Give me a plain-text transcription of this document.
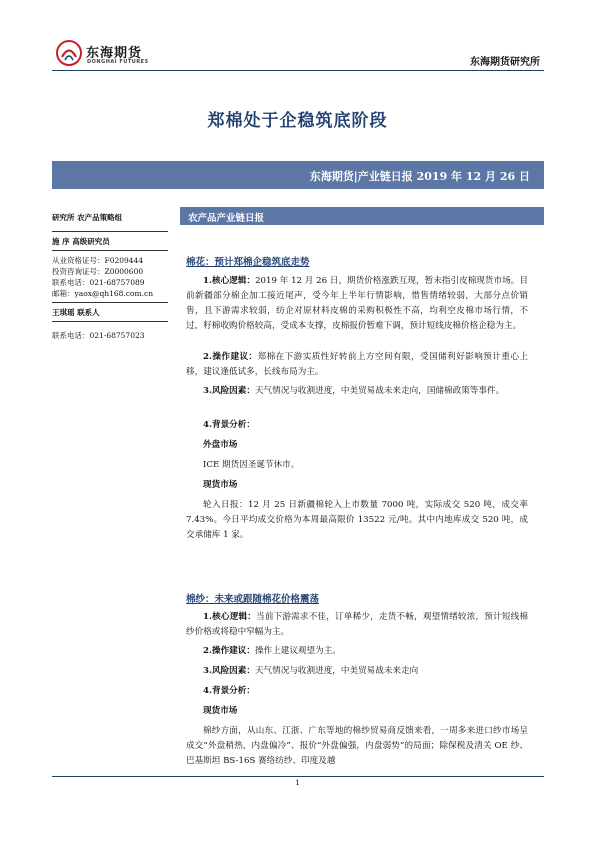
东海期货
DONGHAI FUTURES	东海期货研究所
郑棉处于企稳筑底阶段
东海期货|产业链日报 2019 年 12 月 26 日
研究所 农产品策略组
施 序 高级研究员
从业资格证号：F0209444
投资咨询证号：Z0000600
联系电话：021-68757089
邮箱：yaox@qh168.com.cn
王琪瑶 联系人
联系电话：021-68757023
农产品产业链日报
棉花：预计郑棉企稳筑底走势
1.核心逻辑：2019 年 12 月 26 日，期货价格涨跌互现，暂未指引皮棉现货市场。目前新疆部分棉企加工接近尾声，受今年上半年行情影响，惜售情绪较弱，大部分点价销售，且下游需求较弱，纺企对原材料皮棉的采购积极性不高，均利空皮棉市场行情，不过，籽棉收购价格较高，受成本支撑，皮棉报价暂难下调，预计短线皮棉价格企稳为主。
2.操作建议：郑棉在下游实质性好转前上方空间有限，受国储利好影响预计重心上移，建议逢低试多，长线布局为主。
3.风险因素：天气情况与收割进度，中美贸易战未来走向，国储棉政策等事件。
4.背景分析：
外盘市场
ICE 期货因圣诞节休市。
现货市场
轮入日报：12 月 25 日新疆棉轮入上市数量 7000 吨，实际成交 520 吨，成交率 7.43%。今日平均成交价格为本周最高限价 13522 元/吨。其中内地库成交 520 吨，成交承储库 1 家。
棉纱：未来或跟随棉花价格震荡
1.核心逻辑：当前下游需求不佳，订单稀少，走货不畅，观望情绪较浓，预计短线棉纱价格或将稳中窄幅为主。
2.操作建议：操作上建议观望为主。
3.风险因素：天气情况与收割进度，中美贸易战未来走向
4.背景分析：
现货市场
棉纱方面，从山东、江浙、广东等地的棉纱贸易商反馈来看，一周多来进口纱市场呈成交“外盘稍热，内盘偏冷”、报价“外盘偏强，内盘弱势”的局面；除保税及清关 OE 纱、巴基斯坦 BS-16S 赛络纺纱、印度及越
1
